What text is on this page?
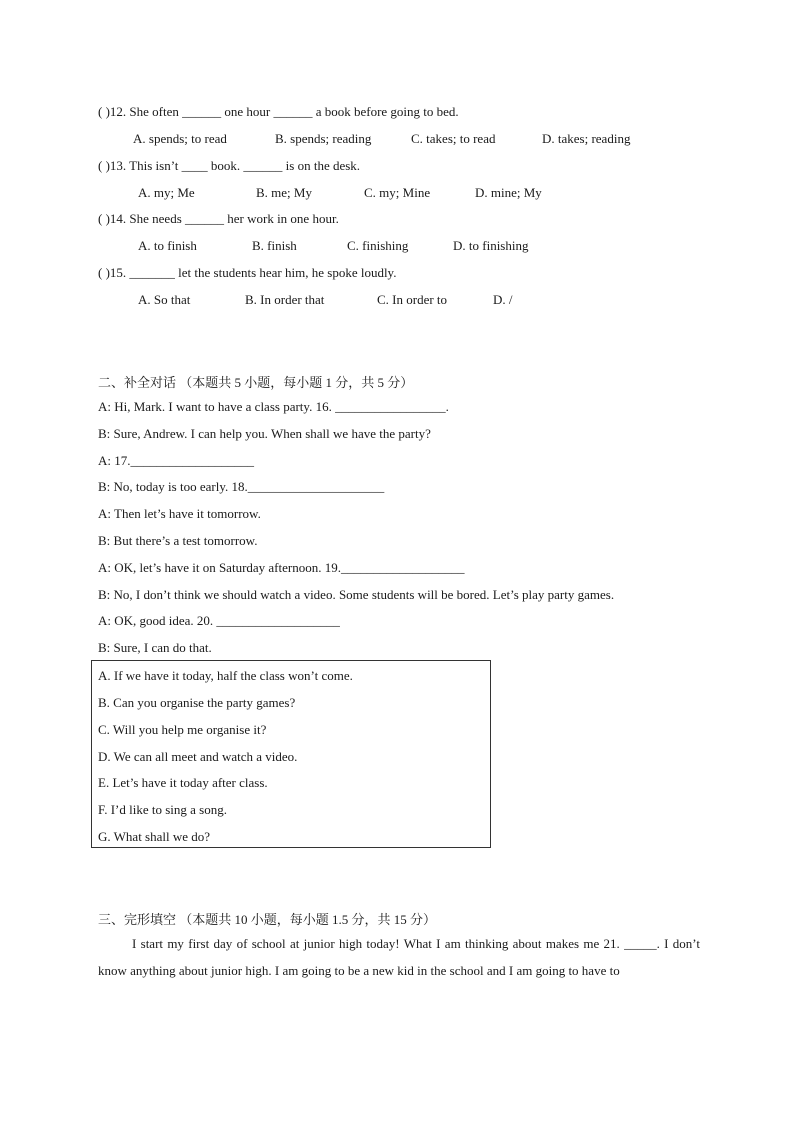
( )12. She often ______ one hour ______ a book before going to bed.
A. spends; to read	B. spends; reading	C. takes; to read	D. takes; reading
( )13. This isn’t ____ book. ______ is on the desk.
A. my; Me	B. me; My	C. my; Mine	D. mine; My
( )14. She needs ______ her work in one hour.
A. to finish	B. finish	C. finishing	D. to finishing
( )15. _______ let the students hear him, he spoke loudly.
A. So that	B. In order that	C. In order to	D. /
二、补全对话 （本题共 5 小题，每小题 1 分，共 5 分）
A: Hi, Mark. I want to have a class party. 16. _________________.
B: Sure, Andrew. I can help you. When shall we have the party?
A: 17.___________________
B: No, today is too early. 18._____________________
A: Then let’s have it tomorrow.
B: But there’s a test tomorrow.
A: OK, let’s have it on Saturday afternoon. 19.___________________
B: No, I don’t think we should watch a video. Some students will be bored. Let’s play party games.
A: OK, good idea. 20. ___________________
B: Sure, I can do that.
A. If we have it today, half the class won’t come.
B. Can you organise the party games?
C. Will you help me organise it?
D. We can all meet and watch a video.
E. Let’s have it today after class.
F. I’d like to sing a song.
G. What shall we do?
三、完形填空 （本题共 10 小题，每小题 1.5 分，共 15 分）
I start my first day of school at junior high today! What I am thinking about makes me 21. _____. I don’t know anything about junior high. I am going to be a new kid in the school and I am going to have to
